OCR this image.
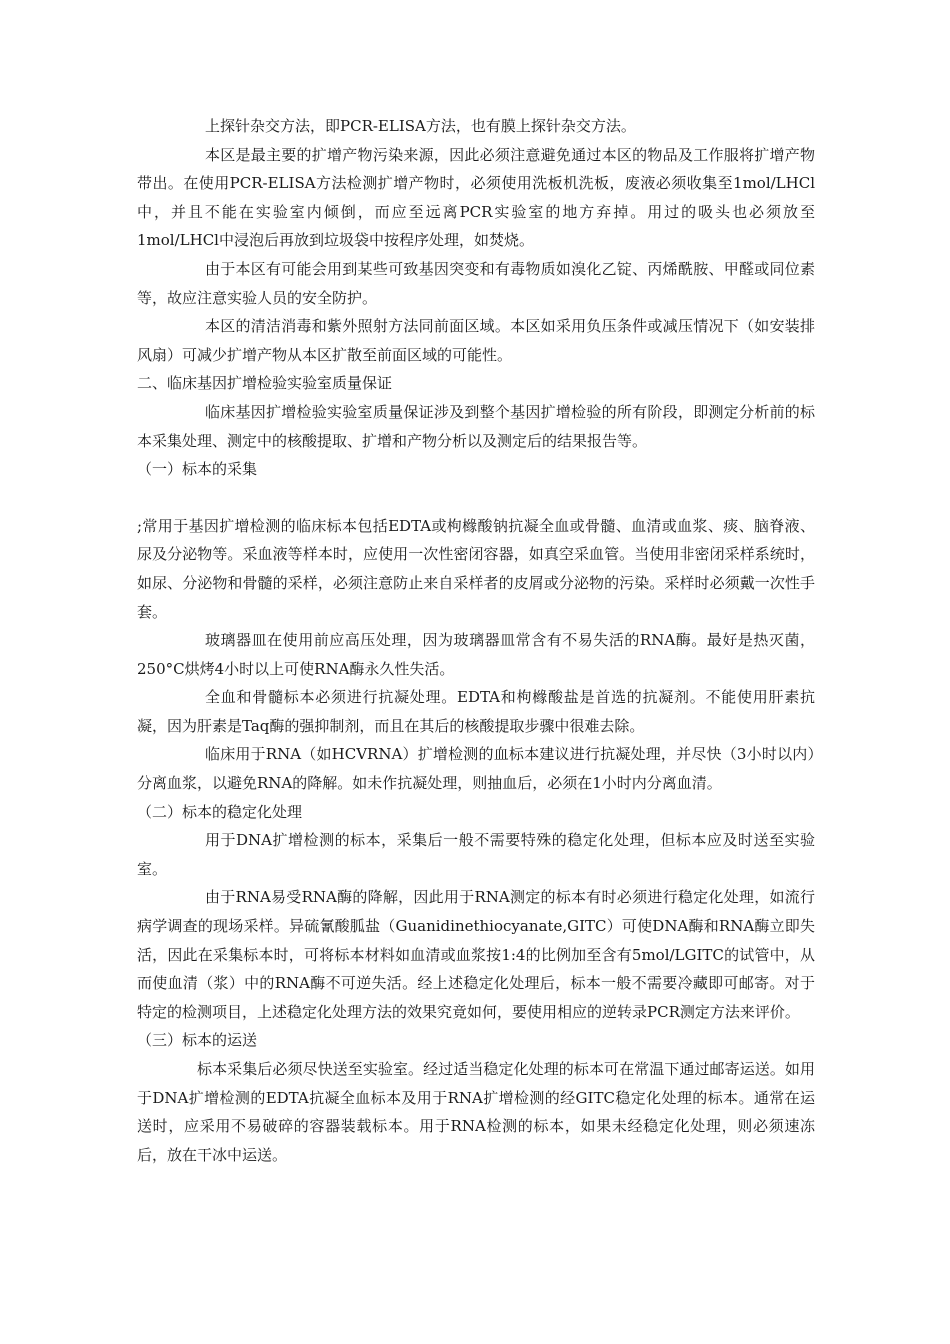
上探针杂交方法，即PCR-ELISA方法，也有膜上探针杂交方法。

本区是最主要的扩增产物污染来源，因此必须注意避免通过本区的物品及工作服将扩增产物带出。在使用PCR-ELISA方法检测扩增产物时，必须使用洗板机洗板，废液必须收集至1mol/LHCl中，并且不能在实验室内倾倒，而应至远离PCR实验室的地方弃掉。用过的吸头也必须放至1mol/LHCl中浸泡后再放到垃圾袋中按程序处理，如焚烧。

由于本区有可能会用到某些可致基因突变和有毒物质如溴化乙锭、丙烯酰胺、甲醛或同位素等，故应注意实验人员的安全防护。

本区的清洁消毒和紫外照射方法同前面区域。本区如采用负压条件或减压情况下（如安装排风扇）可减少扩增产物从本区扩散至前面区域的可能性。

二、临床基因扩增检验实验室质量保证

临床基因扩增检验实验室质量保证涉及到整个基因扩增检验的所有阶段，即测定分析前的标本采集处理、测定中的核酸提取、扩增和产物分析以及测定后的结果报告等。

（一）标本的采集

;常用于基因扩增检测的临床标本包括EDTA或枸橼酸钠抗凝全血或骨髓、血清或血浆、痰、脑脊液、尿及分泌物等。采血液等样本时，应使用一次性密闭容器，如真空采血管。当使用非密闭采样系统时，如尿、分泌物和骨髓的采样，必须注意防止来自采样者的皮屑或分泌物的污染。采样时必须戴一次性手套。

玻璃器皿在使用前应高压处理，因为玻璃器皿常含有不易失活的RNA酶。最好是热灭菌，250°C烘烤4小时以上可使RNA酶永久性失活。

全血和骨髓标本必须进行抗凝处理。EDTA和枸橼酸盐是首选的抗凝剂。不能使用肝素抗凝，因为肝素是Taq酶的强抑制剂，而且在其后的核酸提取步骤中很难去除。

临床用于RNA（如HCVRNA）扩增检测的血标本建议进行抗凝处理，并尽快（3小时以内）分离血浆，以避免RNA的降解。如未作抗凝处理，则抽血后，必须在1小时内分离血清。

（二）标本的稳定化处理

用于DNA扩增检测的标本，采集后一般不需要特殊的稳定化处理，但标本应及时送至实验室。

由于RNA易受RNA酶的降解，因此用于RNA测定的标本有时必须进行稳定化处理，如流行病学调查的现场采样。异硫氰酸胍盐（Guanidinethiocyanate,GITC）可使DNA酶和RNA酶立即失活，因此在采集标本时，可将标本材料如血清或血浆按1:4的比例加至含有5mol/LGITC的试管中，从而使血清（浆）中的RNA酶不可逆失活。经上述稳定化处理后，标本一般不需要冷藏即可邮寄。对于特定的检测项目，上述稳定化处理方法的效果究竟如何，要使用相应的逆转录PCR测定方法来评价。

（三）标本的运送

标本采集后必须尽快送至实验室。经过适当稳定化处理的标本可在常温下通过邮寄运送。如用于DNA扩增检测的EDTA抗凝全血标本及用于RNA扩增检测的经GITC稳定化处理的标本。通常在运送时，应采用不易破碎的容器装载标本。用于RNA检测的标本，如果未经稳定化处理，则必须速冻后，放在干冰中运送。
